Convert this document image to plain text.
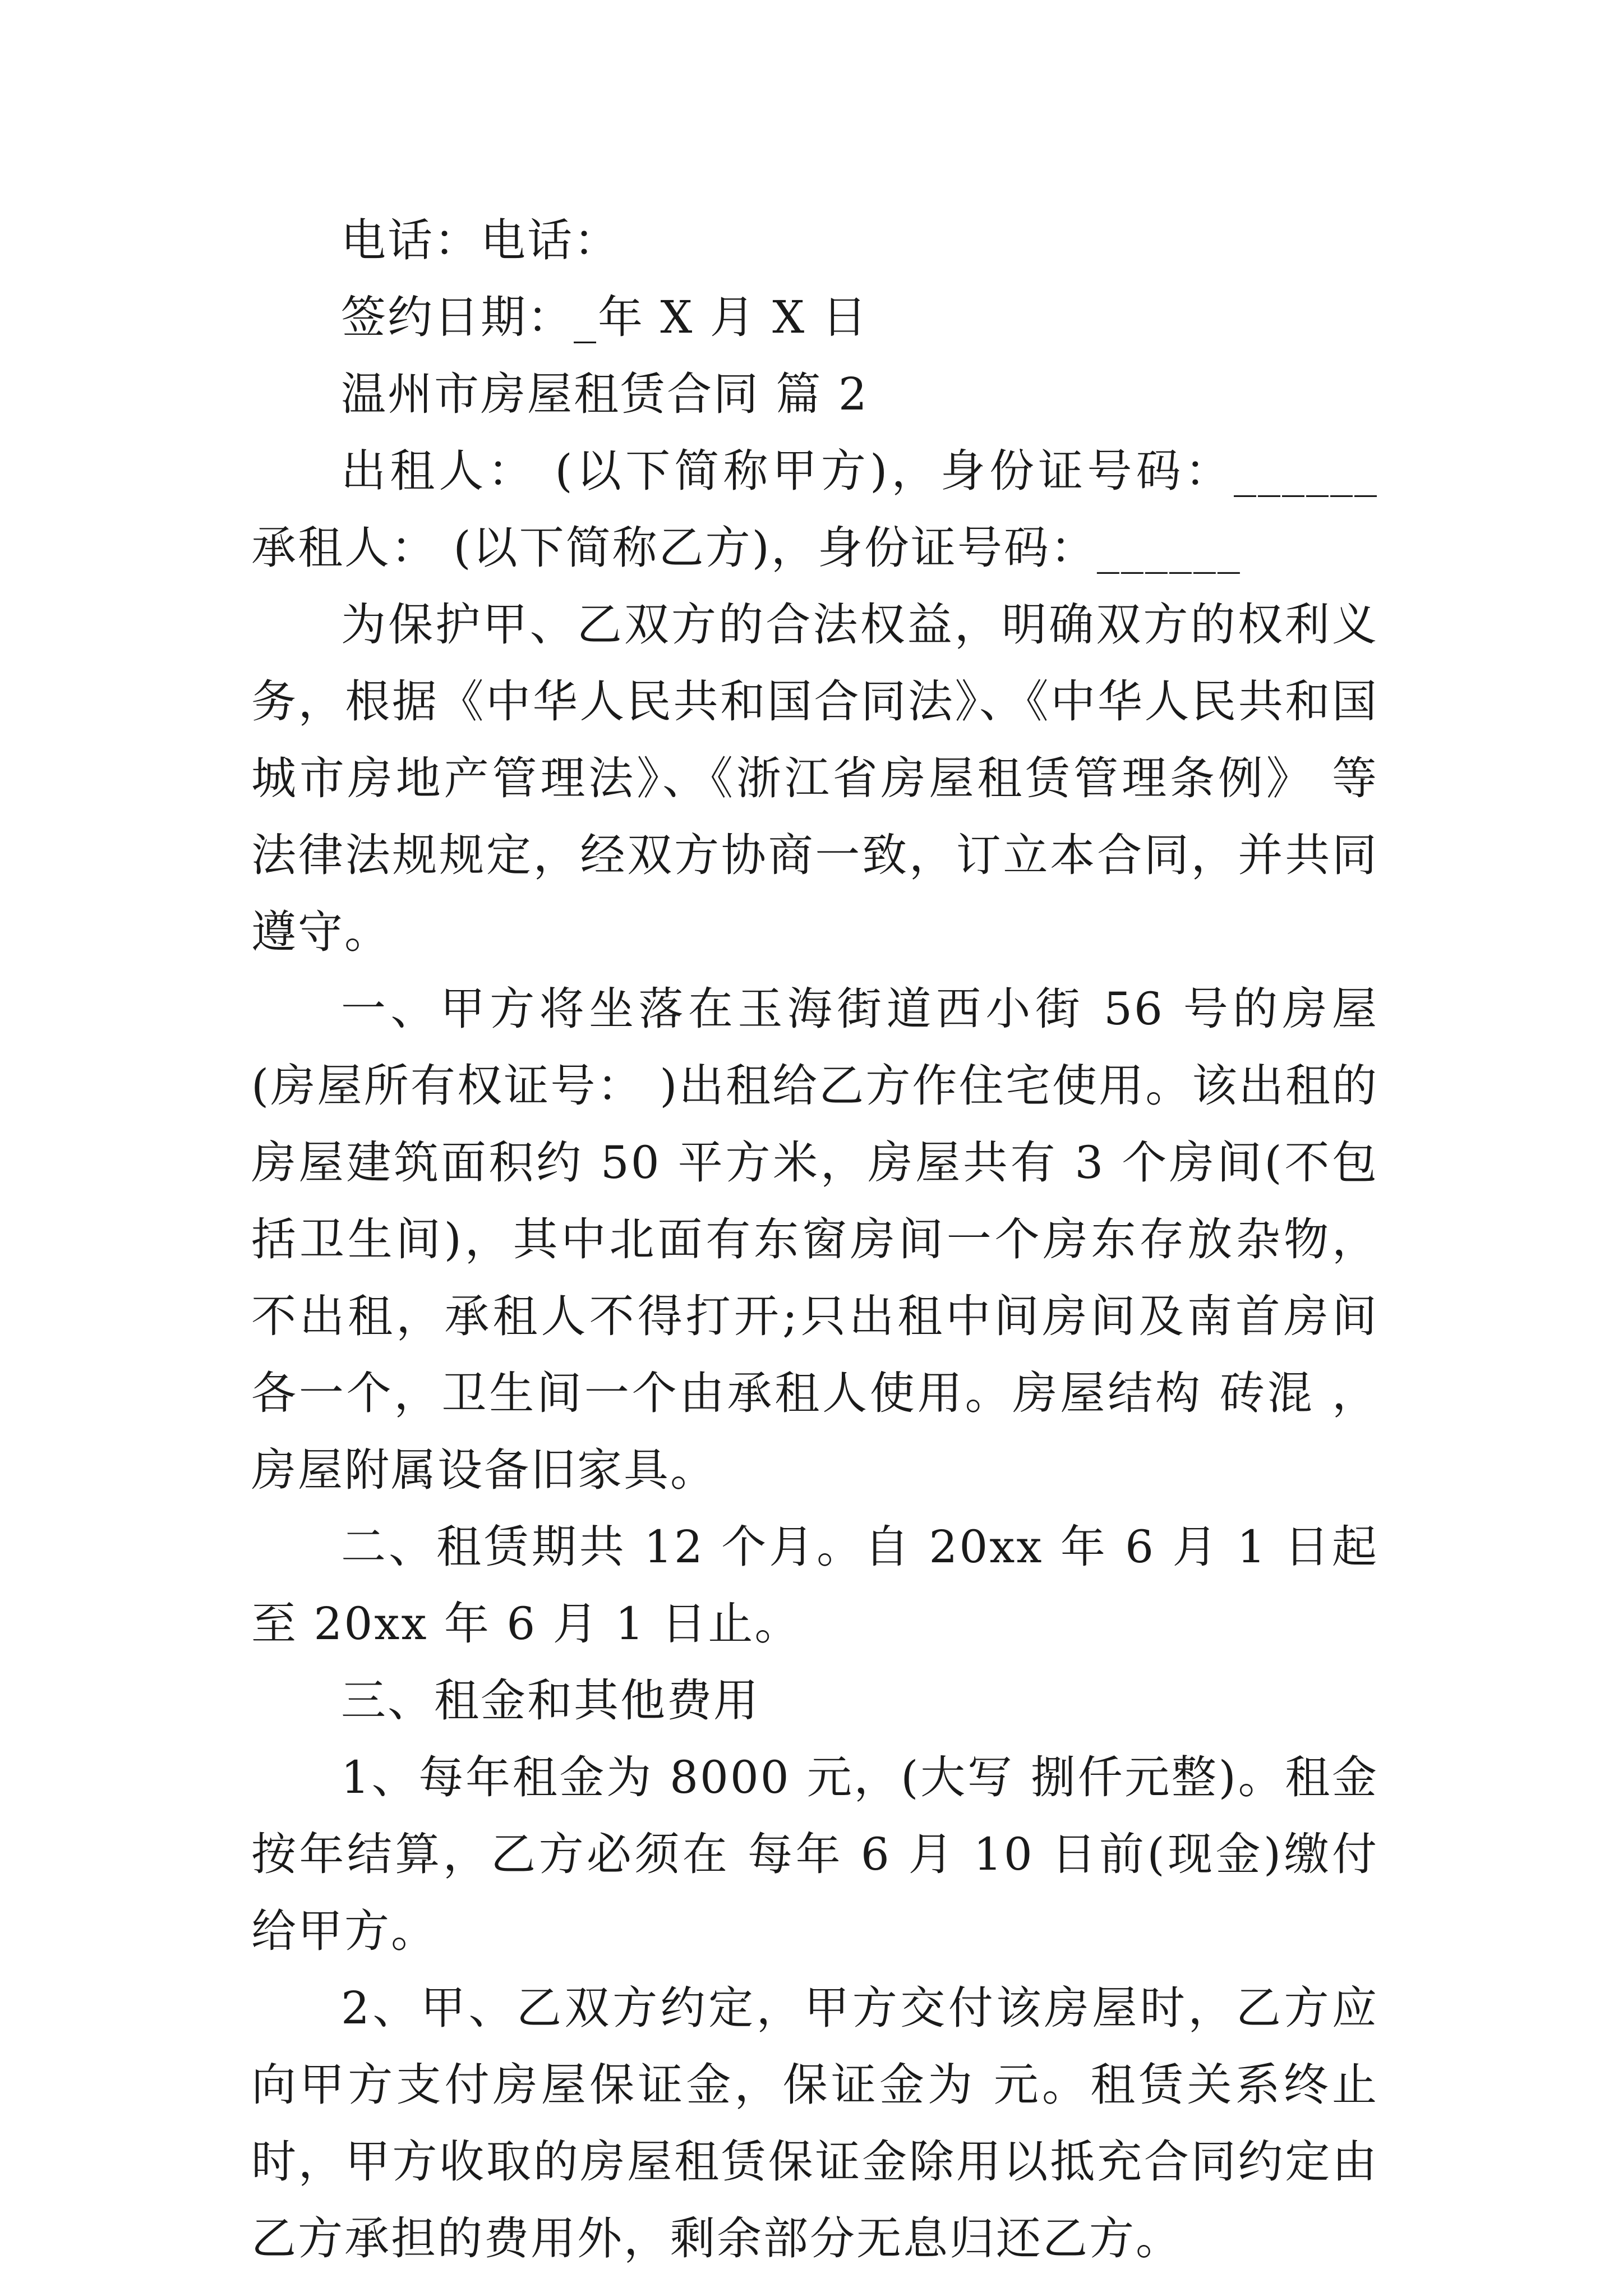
电话：电话：

签约日期：_年 X 月 X 日

温州市房屋租赁合同 篇 2

出租人： (以下简称甲方)，身份证号码：______ 承租人： (以下简称乙方)，身份证号码：______

为保护甲、乙双方的合法权益，明确双方的权利义务，根据《中华人民共和国合同法》、《中华人民共和国城市房地产管理法》、《浙江省房屋租赁管理条例》 等法律法规规定，经双方协商一致，订立本合同，并共同遵守。

一、甲方将坐落在玉海街道西小街 56 号的房屋(房屋所有权证号： )出租给乙方作住宅使用。该出租的房屋建筑面积约 50 平方米，房屋共有 3 个房间(不包括卫生间)，其中北面有东窗房间一个房东存放杂物，不出租，承租人不得打开;只出租中间房间及南首房间各一个，卫生间一个由承租人使用。房屋结构 砖混 ，房屋附属设备旧家具。

二、租赁期共 12 个月。自 20xx 年 6 月 1 日起至 20xx 年 6 月 1 日止。

三、租金和其他费用

1、每年租金为 8000 元，(大写 捌仟元整)。租金按年结算，乙方必须在 每年 6 月 10 日前(现金)缴付给甲方。

2、甲、乙双方约定，甲方交付该房屋时，乙方应向甲方支付房屋保证金，保证金为 元。租赁关系终止时，甲方收取的房屋租赁保证金除用以抵充合同约定由乙方承担的费用外，剩余部分无息归还乙方。
